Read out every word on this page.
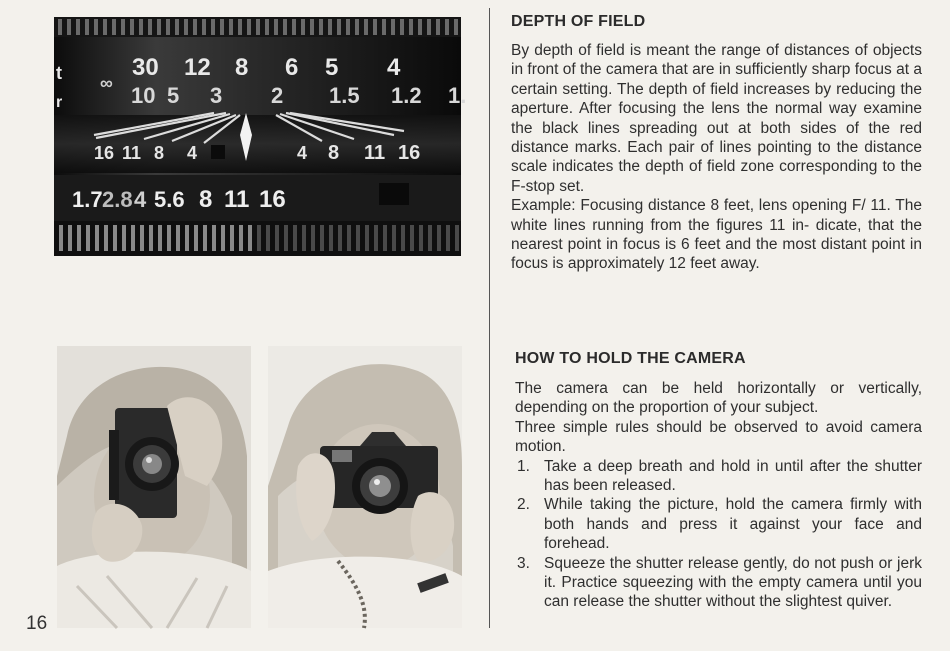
t
r
∞
30 12 8 6 5 4
10 5 3 2 1.5 1.2 1.
16 11 8 4	4 8 11 16
1.7 2.8 4 5.6 8 11 16
16
DEPTH OF FIELD

By depth of field is meant the range of distances of objects in front of the camera that are in sufficiently sharp focus at a certain setting. The depth of field increases by reducing the aperture. After focusing the lens the normal way examine the black lines spreading out at both sides of the red distance marks. Each pair of lines pointing to the distance scale indicates the depth of field zone corresponding to the F-stop set.

Example: Focusing distance 8 feet, lens opening F/ 11. The white lines running from the figures 11 in- dicate, that the nearest point in focus is 6 feet and the most distant point in focus is approximately 12 feet away.

HOW TO HOLD THE CAMERA

The camera can be held horizontally or vertically, depending on the proportion of your subject.

Three simple rules should be observed to avoid camera motion.

1. Take a deep breath and hold in until after the shutter has been released.
2. While taking the picture, hold the camera firmly with both hands and press it against your face and forehead.
3. Squeeze the shutter release gently, do not push or jerk it. Practice squeezing with the empty camera until you can release the shutter without the slightest quiver.
